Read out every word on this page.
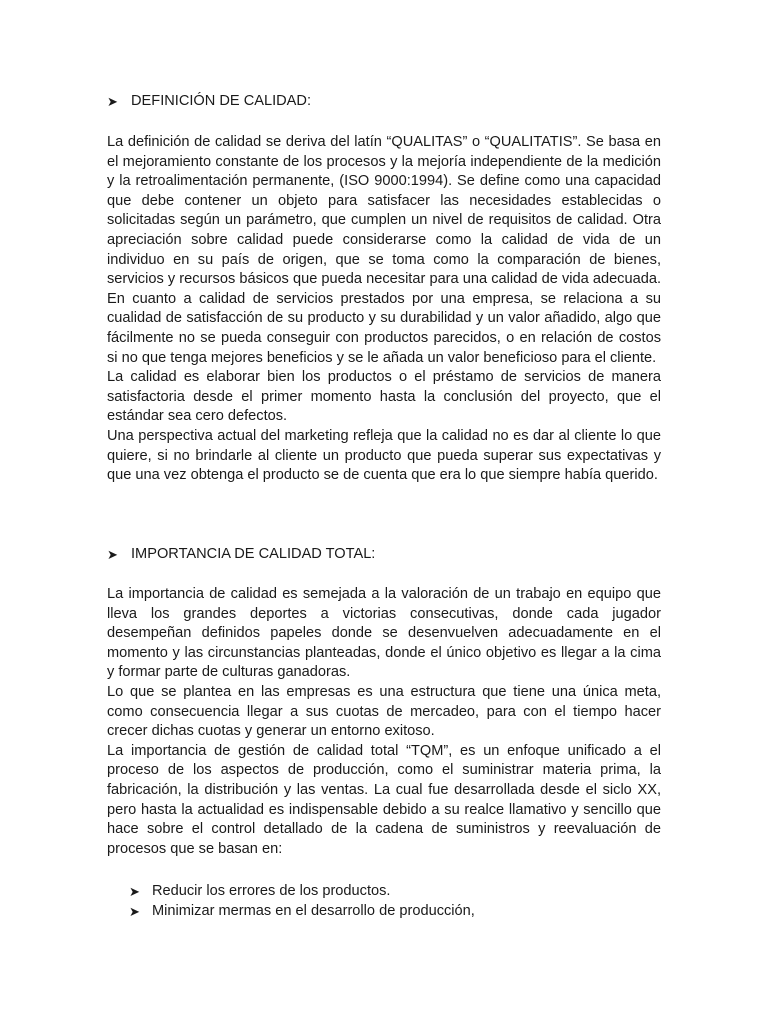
➤ DEFINICIÓN DE CALIDAD:

La definición de calidad se deriva del latín “QUALITAS” o “QUALITATIS”. Se basa en el mejoramiento constante de los procesos y la mejoría independiente de la medición y la retroalimentación permanente, (ISO 9000:1994). Se define como una capacidad que debe contener un objeto para satisfacer las necesidades establecidas o solicitadas según un parámetro, que cumplen un nivel de requisitos de calidad. Otra apreciación sobre calidad puede considerarse como la calidad de vida de un individuo en su país de origen, que se toma como la comparación de bienes, servicios y recursos básicos que pueda necesitar para una calidad de vida adecuada. En cuanto a calidad de servicios prestados por una empresa, se relaciona a su cualidad de satisfacción de su producto y su durabilidad y un valor añadido, algo que fácilmente no se pueda conseguir con productos parecidos, o en relación de costos si no que tenga mejores beneficios y se le añada un valor beneficioso para el cliente.

La calidad es elaborar bien los productos o el préstamo de servicios de manera satisfactoria desde el primer momento hasta la conclusión del proyecto, que el estándar sea cero defectos.

Una perspectiva actual del marketing refleja que la calidad no es dar al cliente lo que quiere, si no brindarle al cliente un producto que pueda superar sus expectativas y que una vez obtenga el producto se de cuenta que era lo que siempre había querido.

➤ IMPORTANCIA DE CALIDAD TOTAL:

La importancia de calidad es semejada a la valoración de un trabajo en equipo que lleva los grandes deportes a victorias consecutivas, donde cada jugador desempeñan definidos papeles donde se desenvuelven adecuadamente en el momento y las circunstancias planteadas, donde el único objetivo es llegar a la cima y formar parte de culturas ganadoras.

Lo que se plantea en las empresas es una estructura que tiene una única meta, como consecuencia llegar a sus cuotas de mercadeo, para con el tiempo hacer crecer dichas cuotas y generar un entorno exitoso.

La importancia de gestión de calidad total “TQM”, es un enfoque unificado a el proceso de los aspectos de producción, como el suministrar materia prima, la fabricación, la distribución y las ventas. La cual fue desarrollada desde el siclo XX, pero hasta la actualidad es indispensable debido a su realce llamativo y sencillo que hace sobre el control detallado de la cadena de suministros y reevaluación de procesos que se basan en:

➤ Reducir los errores de los productos.
➤ Minimizar mermas en el desarrollo de producción,
